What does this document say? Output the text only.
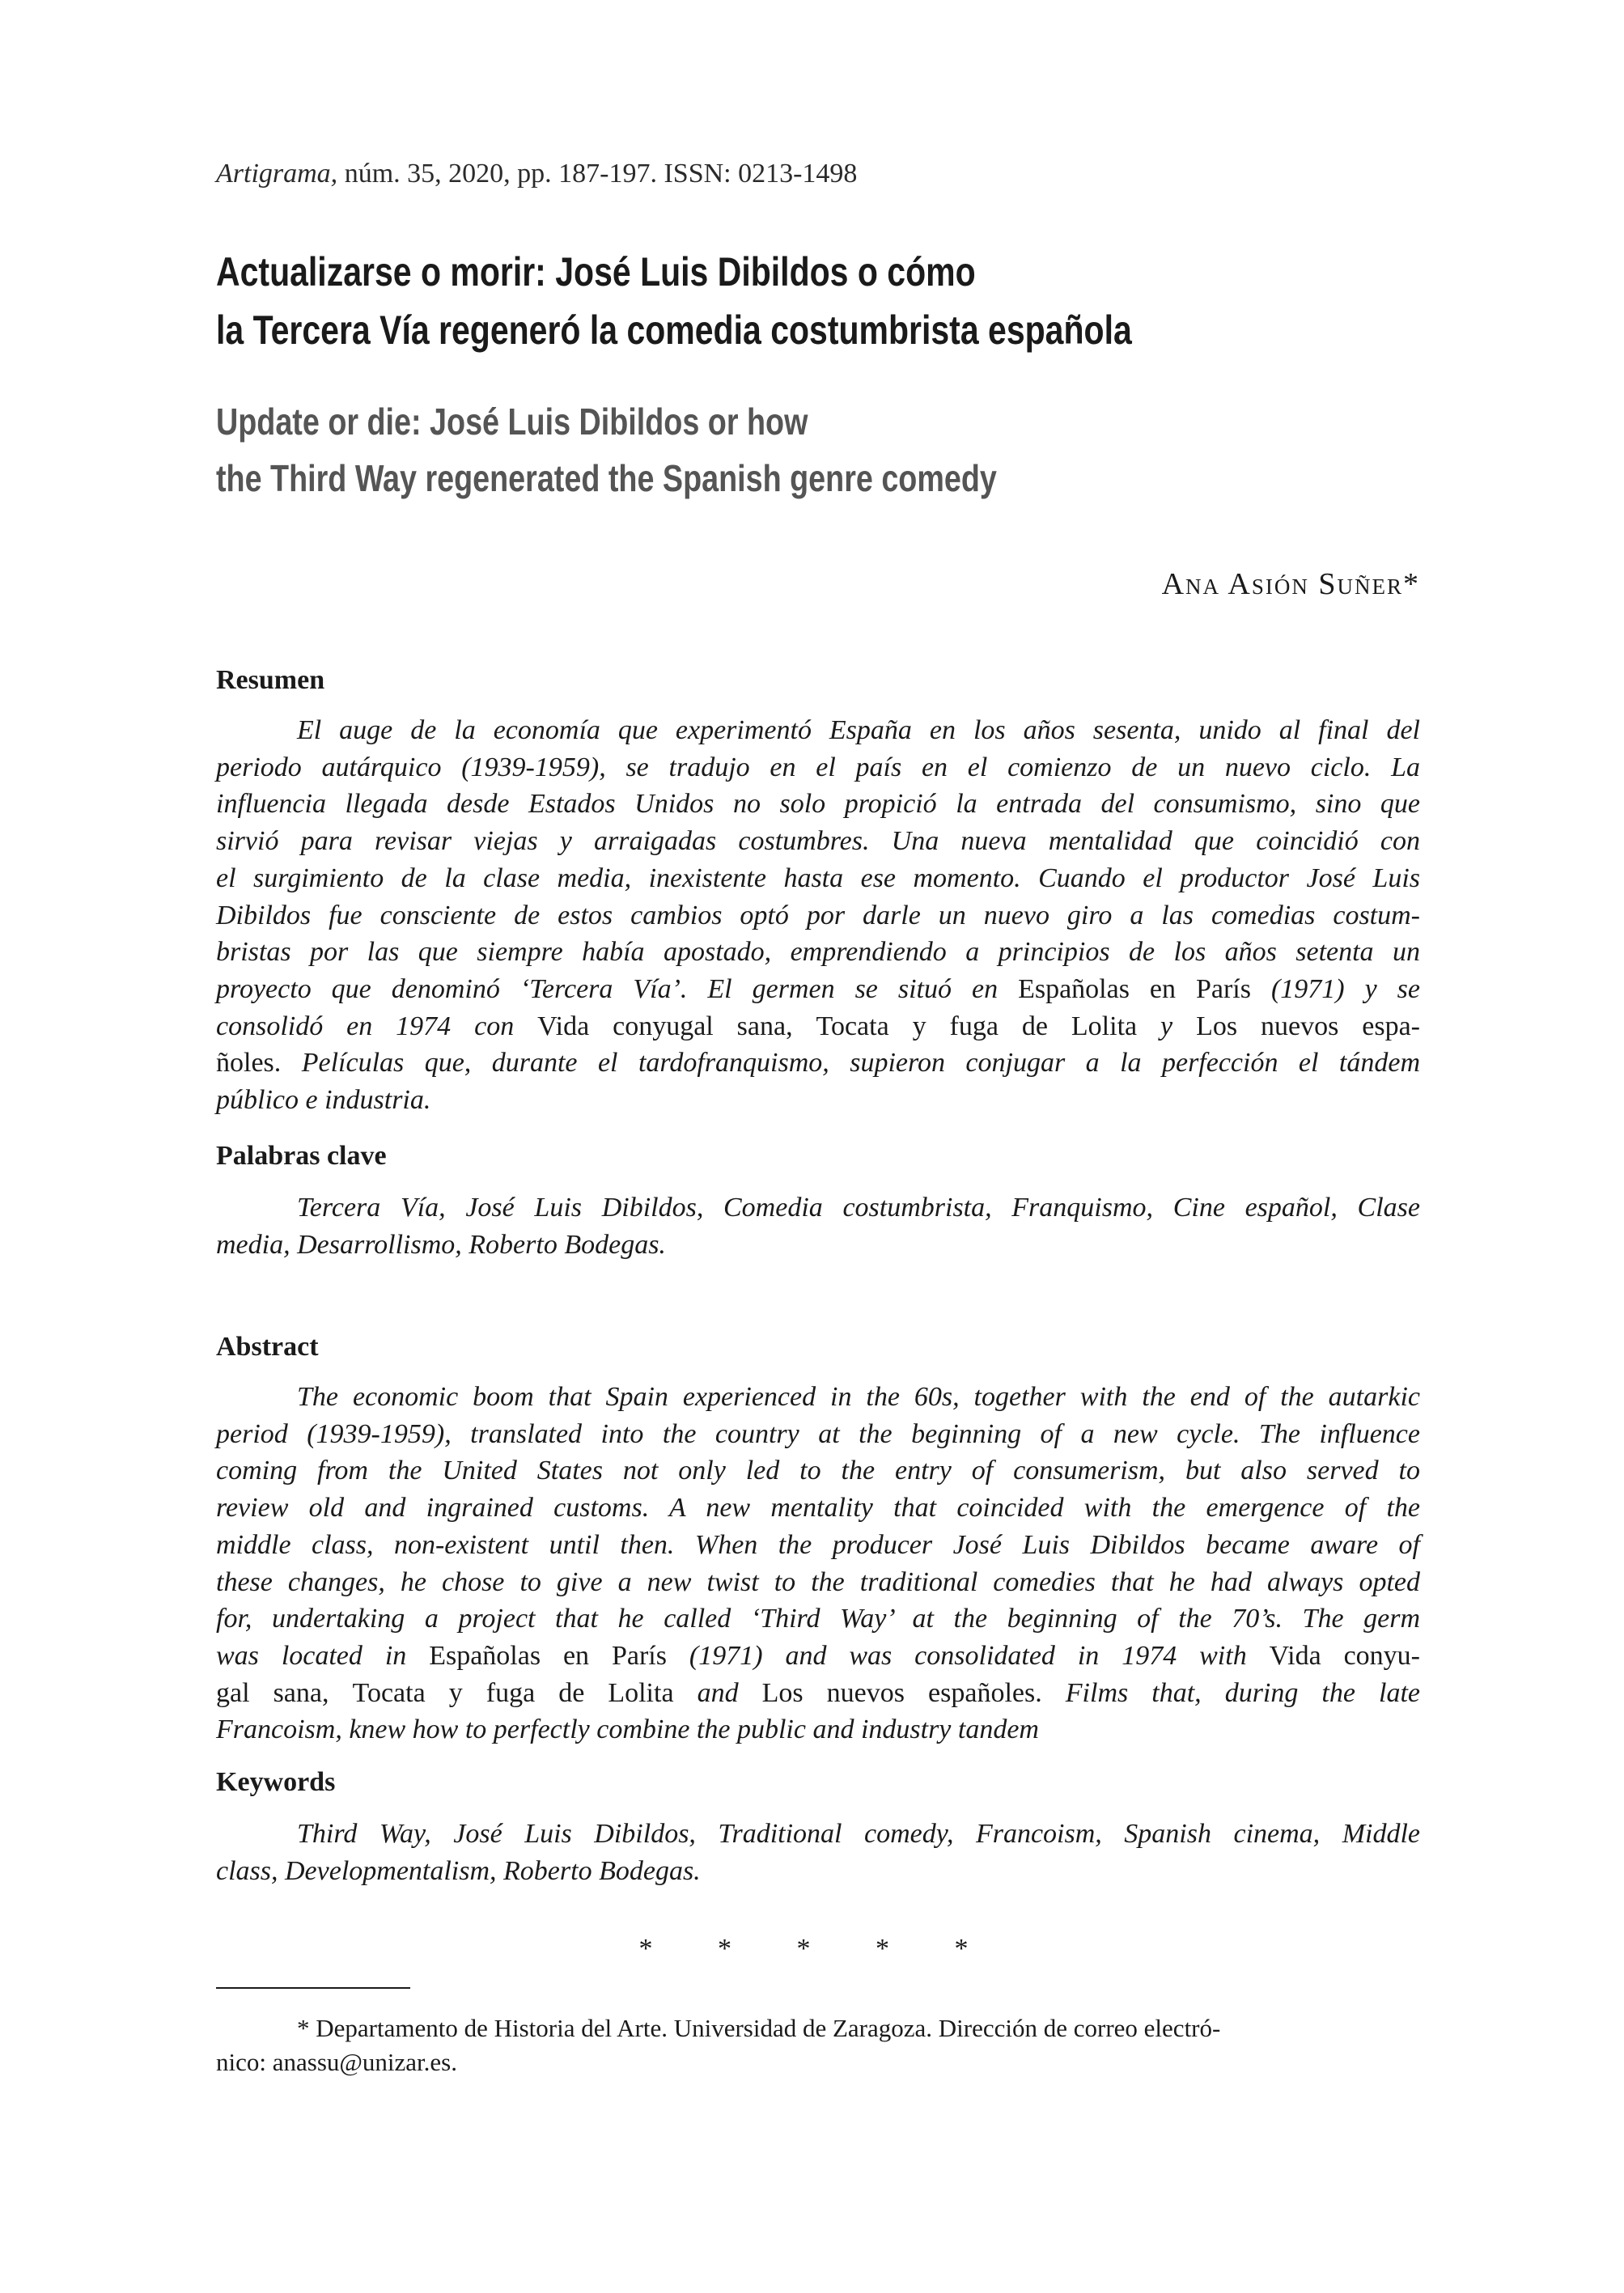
Artigrama, núm. 35, 2020, pp. 187-197. ISSN: 0213-1498
Actualizarse o morir: José Luis Dibildos o cómo
la Tercera Vía regeneró la comedia costumbrista española
Update or die: José Luis Dibildos or how
the Third Way regenerated the Spanish genre comedy
Ana Asión Suñer*
Resumen
El auge de la economía que experimentó España en los años sesenta, unido al final del
periodo autárquico (1939-1959), se tradujo en el país en el comienzo de un nuevo ciclo. La
influencia llegada desde Estados Unidos no solo propició la entrada del consumismo, sino que
sirvió para revisar viejas y arraigadas costumbres. Una nueva mentalidad que coincidió con
el surgimiento de la clase media, inexistente hasta ese momento. Cuando el productor José Luis
Dibildos fue consciente de estos cambios optó por darle un nuevo giro a las comedias costum-
bristas por las que siempre había apostado, emprendiendo a principios de los años setenta un
proyecto que denominó ‘Tercera Vía’. El germen se situó en Españolas en París (1971) y se
consolidó en 1974 con Vida conyugal sana, Tocata y fuga de Lolita y Los nuevos espa-
ñoles. Películas que, durante el tardofranquismo, supieron conjugar a la perfección el tándem
público e industria.
Palabras clave
Tercera Vía, José Luis Dibildos, Comedia costumbrista, Franquismo, Cine español, Clase
media, Desarrollismo, Roberto Bodegas.
Abstract
The economic boom that Spain experienced in the 60s, together with the end of the autarkic
period (1939-1959), translated into the country at the beginning of a new cycle. The influence
coming from the United States not only led to the entry of consumerism, but also served to
review old and ingrained customs. A new mentality that coincided with the emergence of the
middle class, non-existent until then. When the producer José Luis Dibildos became aware of
these changes, he chose to give a new twist to the traditional comedies that he had always opted
for, undertaking a project that he called ‘Third Way’ at the beginning of the 70’s. The germ
was located in Españolas en París (1971) and was consolidated in 1974 with Vida conyu-
gal sana, Tocata y fuga de Lolita and Los nuevos españoles. Films that, during the late
Francoism, knew how to perfectly combine the public and industry tandem
Keywords
Third Way, José Luis Dibildos, Traditional comedy, Francoism, Spanish cinema, Middle
class, Developmentalism, Roberto Bodegas.
* * * * *
* Departamento de Historia del Arte. Universidad de Zaragoza. Dirección de correo electró-
nico: anassu@unizar.es.
